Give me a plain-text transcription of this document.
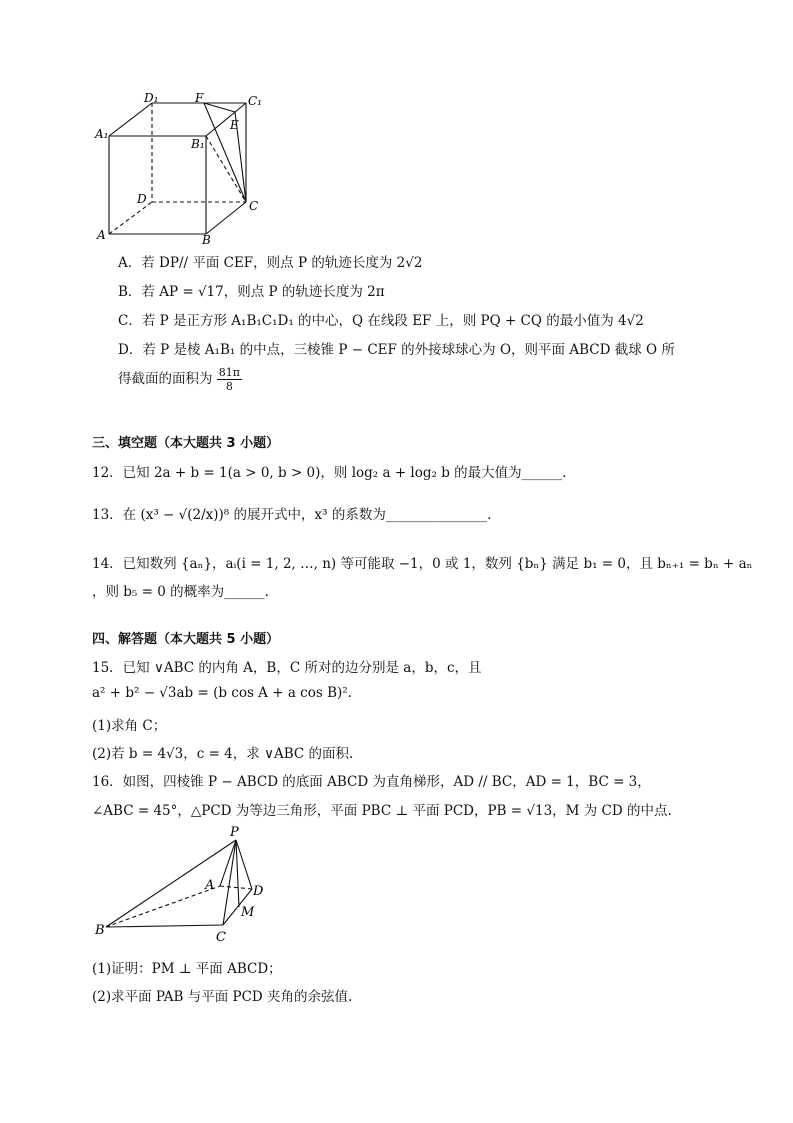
D₁	F	C₁
A₁
E
B₁
D	C
A	B
A．若 DP// 平面 CEF，则点 P 的轨迹长度为 2√2
B．若 AP = √17，则点 P 的轨迹长度为 2π
C．若 P 是正方形 A₁B₁C₁D₁ 的中心，Q 在线段 EF 上，则 PQ + CQ 的最小值为 4√2
D．若 P 是棱 A₁B₁ 的中点，三棱锥 P − CEF 的外接球球心为 O，则平面 ABCD 截球 O 所
得截面的面积为 $\frac{81\pi}{8}$
三、填空题（本大题共 3 小题）
12．已知 2a + b = 1(a > 0, b > 0)，则 log₂ a + log₂ b 的最大值为______.
13．在 (x³ − √(2/x))⁸ 的展开式中，x³ 的系数为_______________.
14．已知数列 {aₙ}，aᵢ(i = 1, 2, …, n) 等可能取 −1，0 或 1，数列 {bₙ} 满足 b₁ = 0，且 bₙ₊₁ = bₙ + aₙ
，则 b₅ = 0 的概率为______.
四、解答题（本大题共 5 小题）
15．已知 ∨ABC 的内角 A，B，C 所对的边分别是 a，b，c，且
a² + b² − √3ab = (b cos A + a cos B)².
(1)求角 C；
(2)若 b = 4√3，c = 4，求 ∨ABC 的面积.
16．如图，四棱锥 P − ABCD 的底面 ABCD 为直角梯形，AD // BC，AD = 1，BC = 3，
∠ABC = 45°，△PCD 为等边三角形，平面 PBC ⊥ 平面 PCD，PB = √13，M 为 CD 的中点.
P
A	D
M
B	C
(1)证明：PM ⊥ 平面 ABCD；
(2)求平面 PAB 与平面 PCD 夹角的余弦值.
